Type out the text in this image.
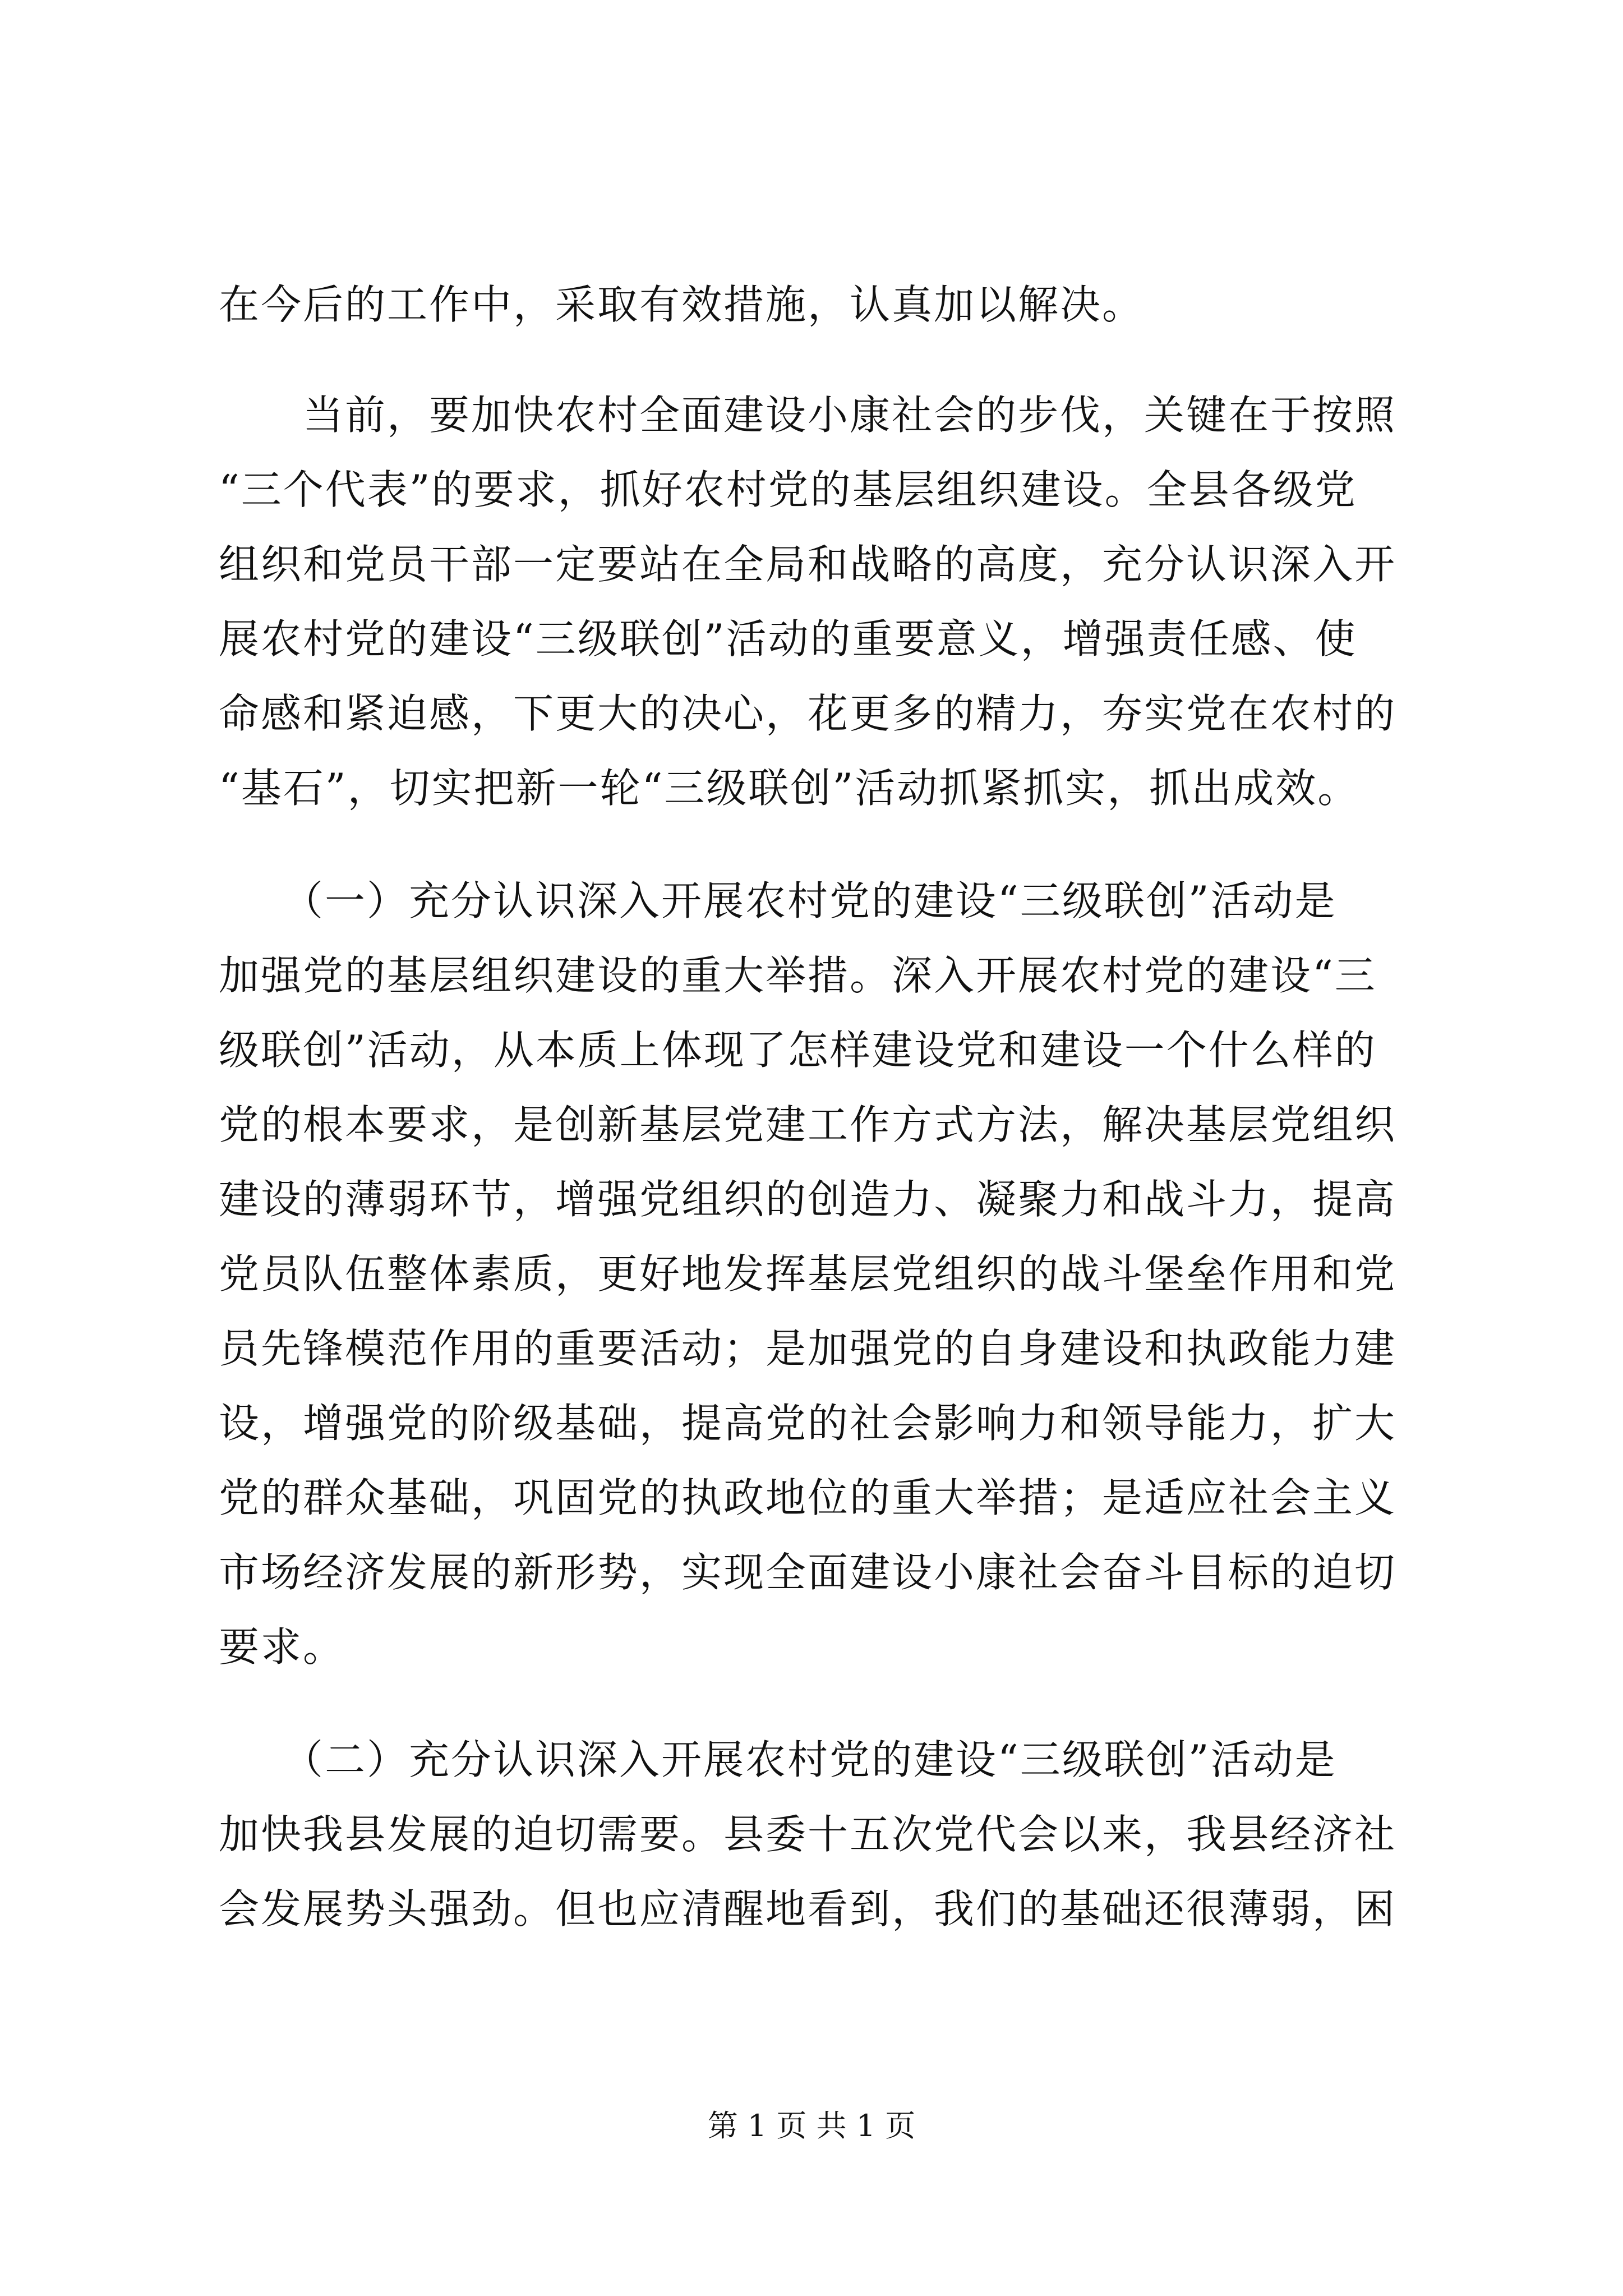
在今后的工作中，采取有效措施，认真加以解决。
　　当前，要加快农村全面建设小康社会的步伐，关键在于按照
“三个代表”的要求，抓好农村党的基层组织建设。全县各级党
组织和党员干部一定要站在全局和战略的高度，充分认识深入开
展农村党的建设“三级联创”活动的重要意义，增强责任感、使
命感和紧迫感，下更大的决心，花更多的精力，夯实党在农村的
“基石”，切实把新一轮“三级联创”活动抓紧抓实，抓出成效。
　　（一）充分认识深入开展农村党的建设“三级联创”活动是
加强党的基层组织建设的重大举措。深入开展农村党的建设“三
级联创”活动，从本质上体现了怎样建设党和建设一个什么样的
党的根本要求，是创新基层党建工作方式方法，解决基层党组织
建设的薄弱环节，增强党组织的创造力、凝聚力和战斗力，提高
党员队伍整体素质，更好地发挥基层党组织的战斗堡垒作用和党
员先锋模范作用的重要活动；是加强党的自身建设和执政能力建
设，增强党的阶级基础，提高党的社会影响力和领导能力，扩大
党的群众基础，巩固党的执政地位的重大举措；是适应社会主义
市场经济发展的新形势，实现全面建设小康社会奋斗目标的迫切
要求。
　　（二）充分认识深入开展农村党的建设“三级联创”活动是
加快我县发展的迫切需要。县委十五次党代会以来，我县经济社
会发展势头强劲。但也应清醒地看到，我们的基础还很薄弱，困
第 1 页 共 1 页
